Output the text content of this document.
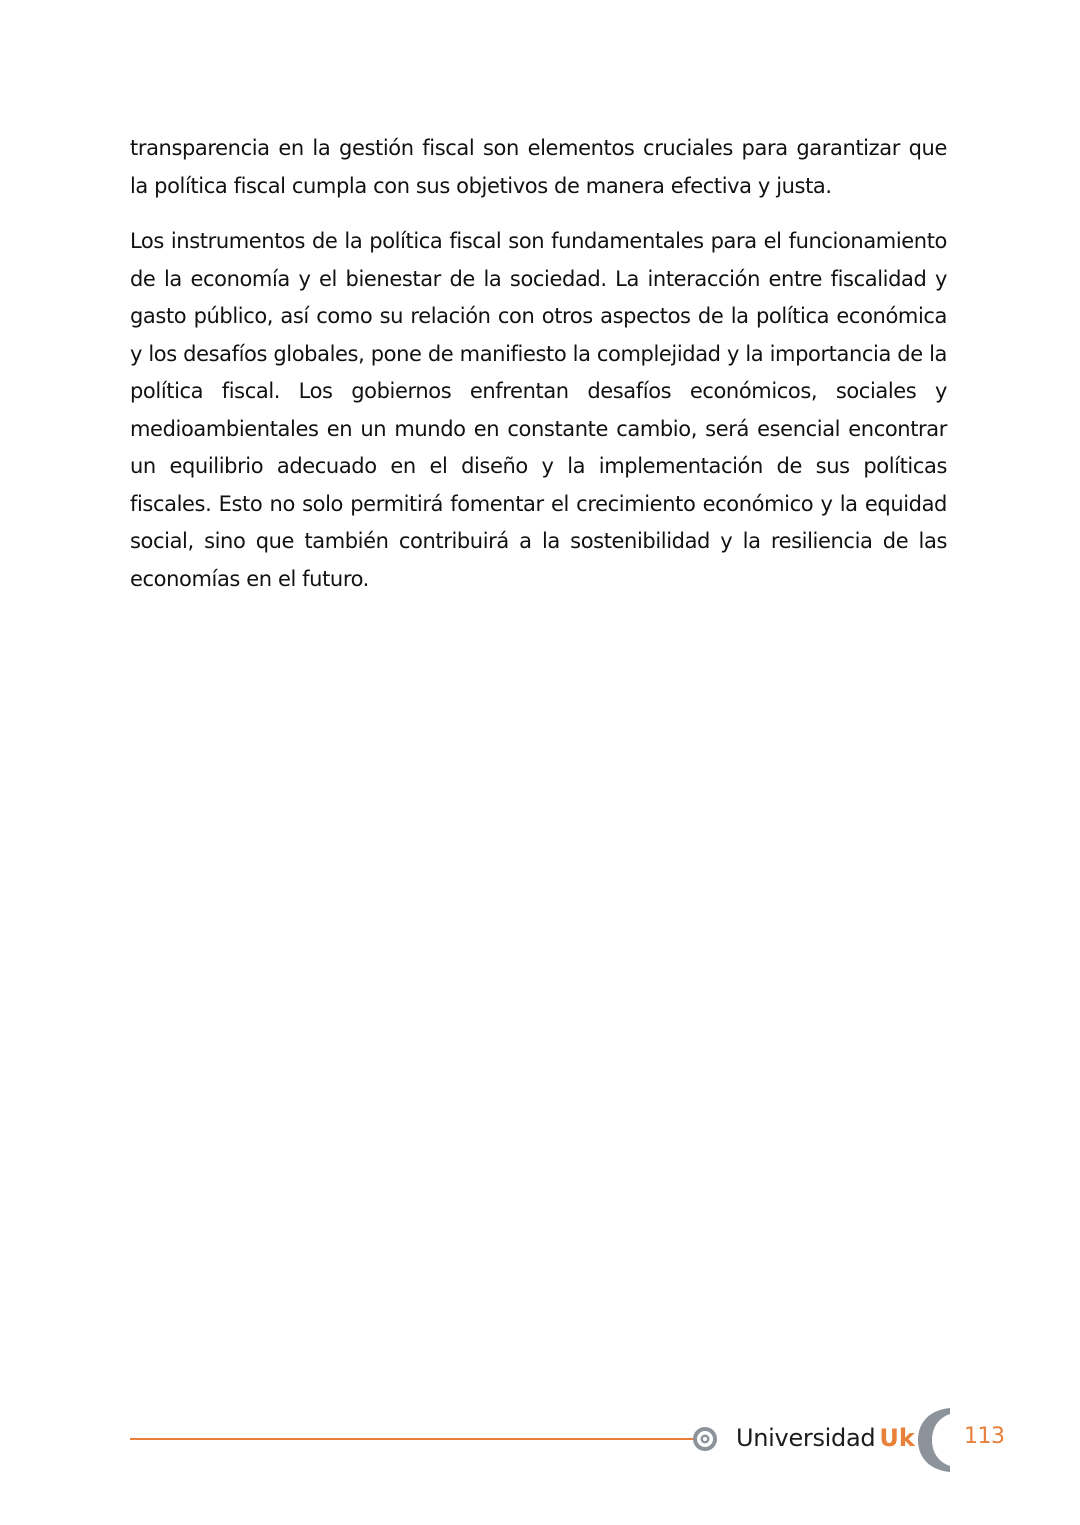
transparencia en la gestión fiscal son elementos cruciales para garantizar que la política fiscal cumpla con sus objetivos de manera efectiva y justa.

Los instrumentos de la política fiscal son fundamentales para el funcionamiento de la economía y el bienestar de la sociedad. La interacción entre fiscalidad y gasto público, así como su relación con otros aspectos de la política económica y los desafíos globales, pone de manifiesto la complejidad y la importancia de la política fiscal. Los gobiernos enfrentan desafíos económicos, sociales y medioambientales en un mundo en constante cambio, será esencial encontrar un equilibrio adecuado en el diseño y la implementación de sus políticas fiscales. Esto no solo permitirá fomentar el crecimiento económico y la equidad social, sino que también contribuirá a la sostenibilidad y la resiliencia de las economías en el futuro.

Universidad Uk 113
